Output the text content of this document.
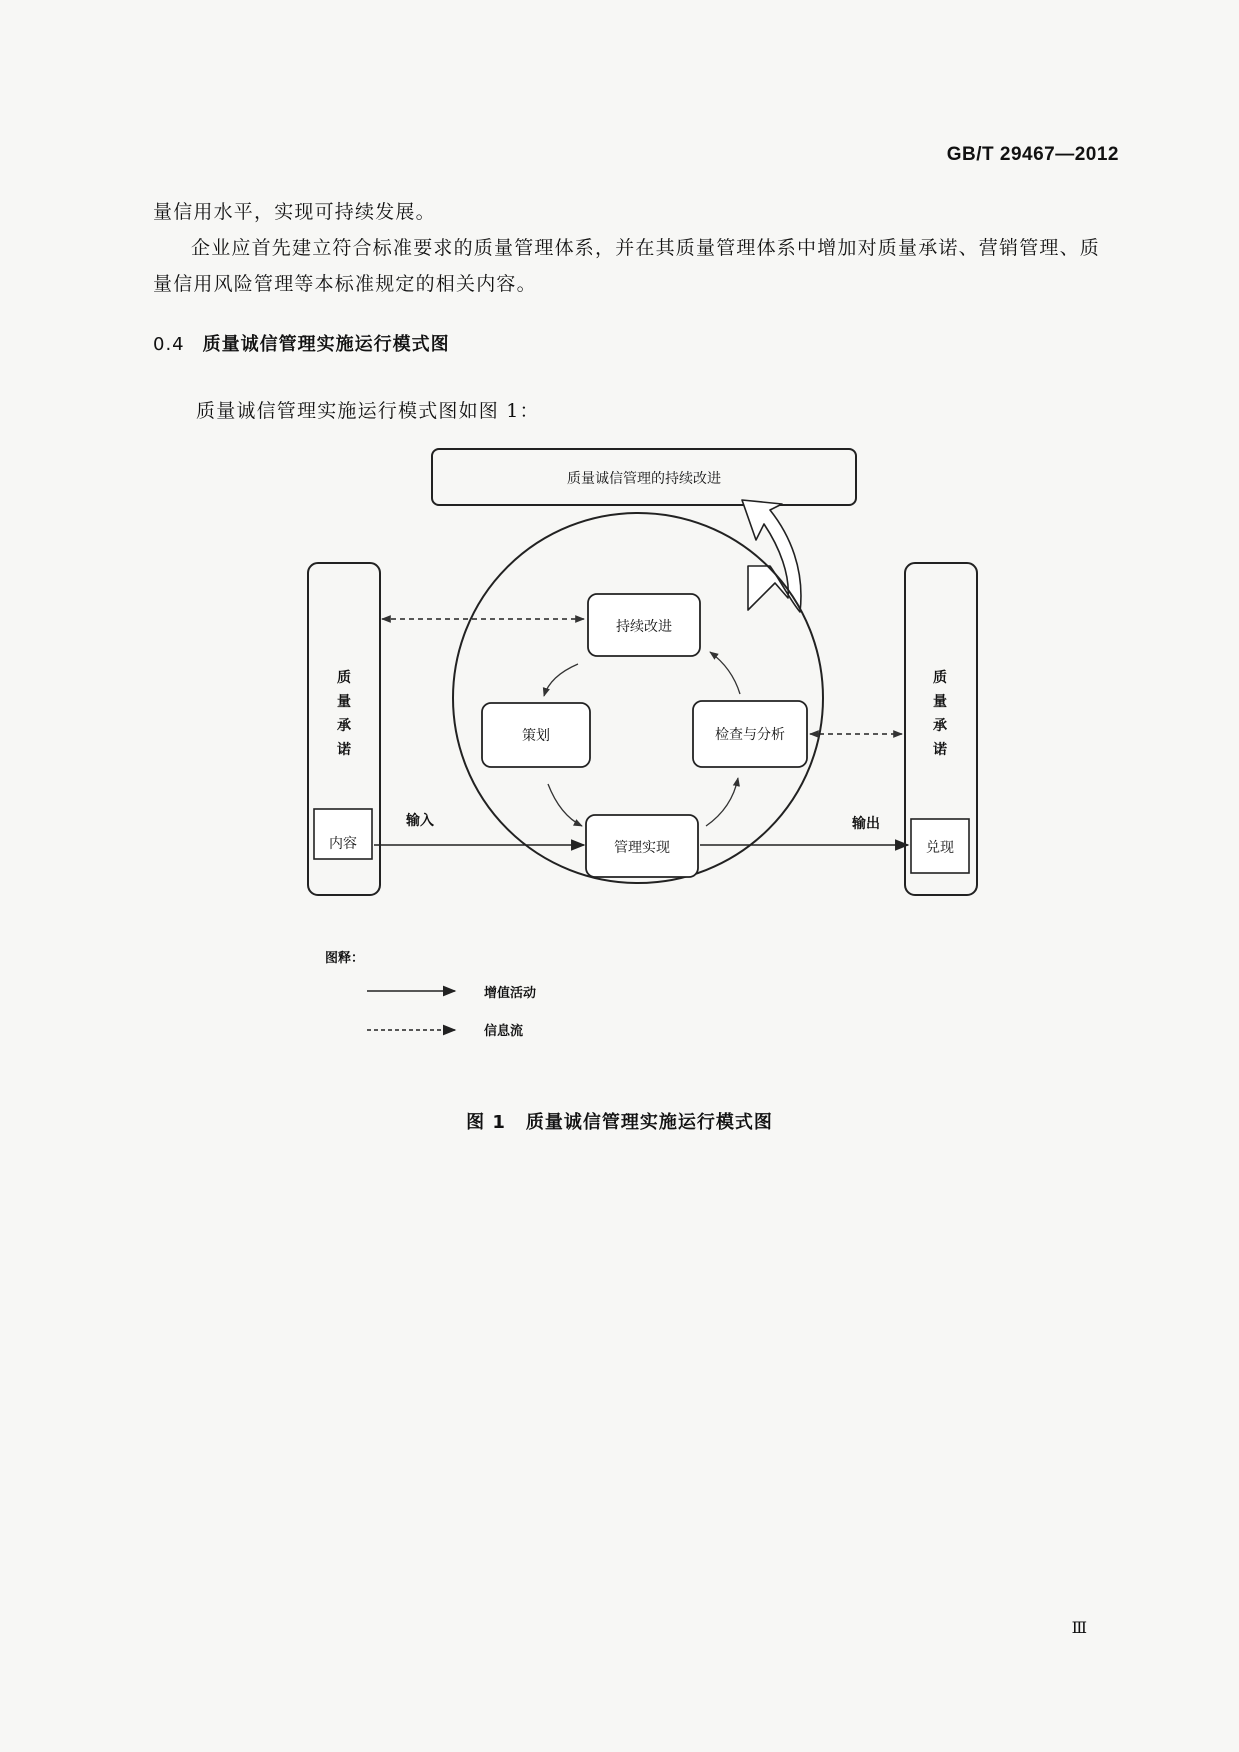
GB/T 29467—2012

量信用水平，实现可持续发展。

企业应首先建立符合标准要求的质量管理体系，并在其质量管理体系中增加对质量承诺、营销管理、质量信用风险管理等本标准规定的相关内容。

0.4 质量诚信管理实施运行模式图
质量诚信管理实施运行模式图如图 1：
质量诚信管理的持续改进
质
量
承
诺
内容
质
量
承
诺
兑现
持续改进
策划	检查与分析
管理实现
输入	输出
图释：
增值活动
信息流
图 1 质量诚信管理实施运行模式图
Ⅲ
